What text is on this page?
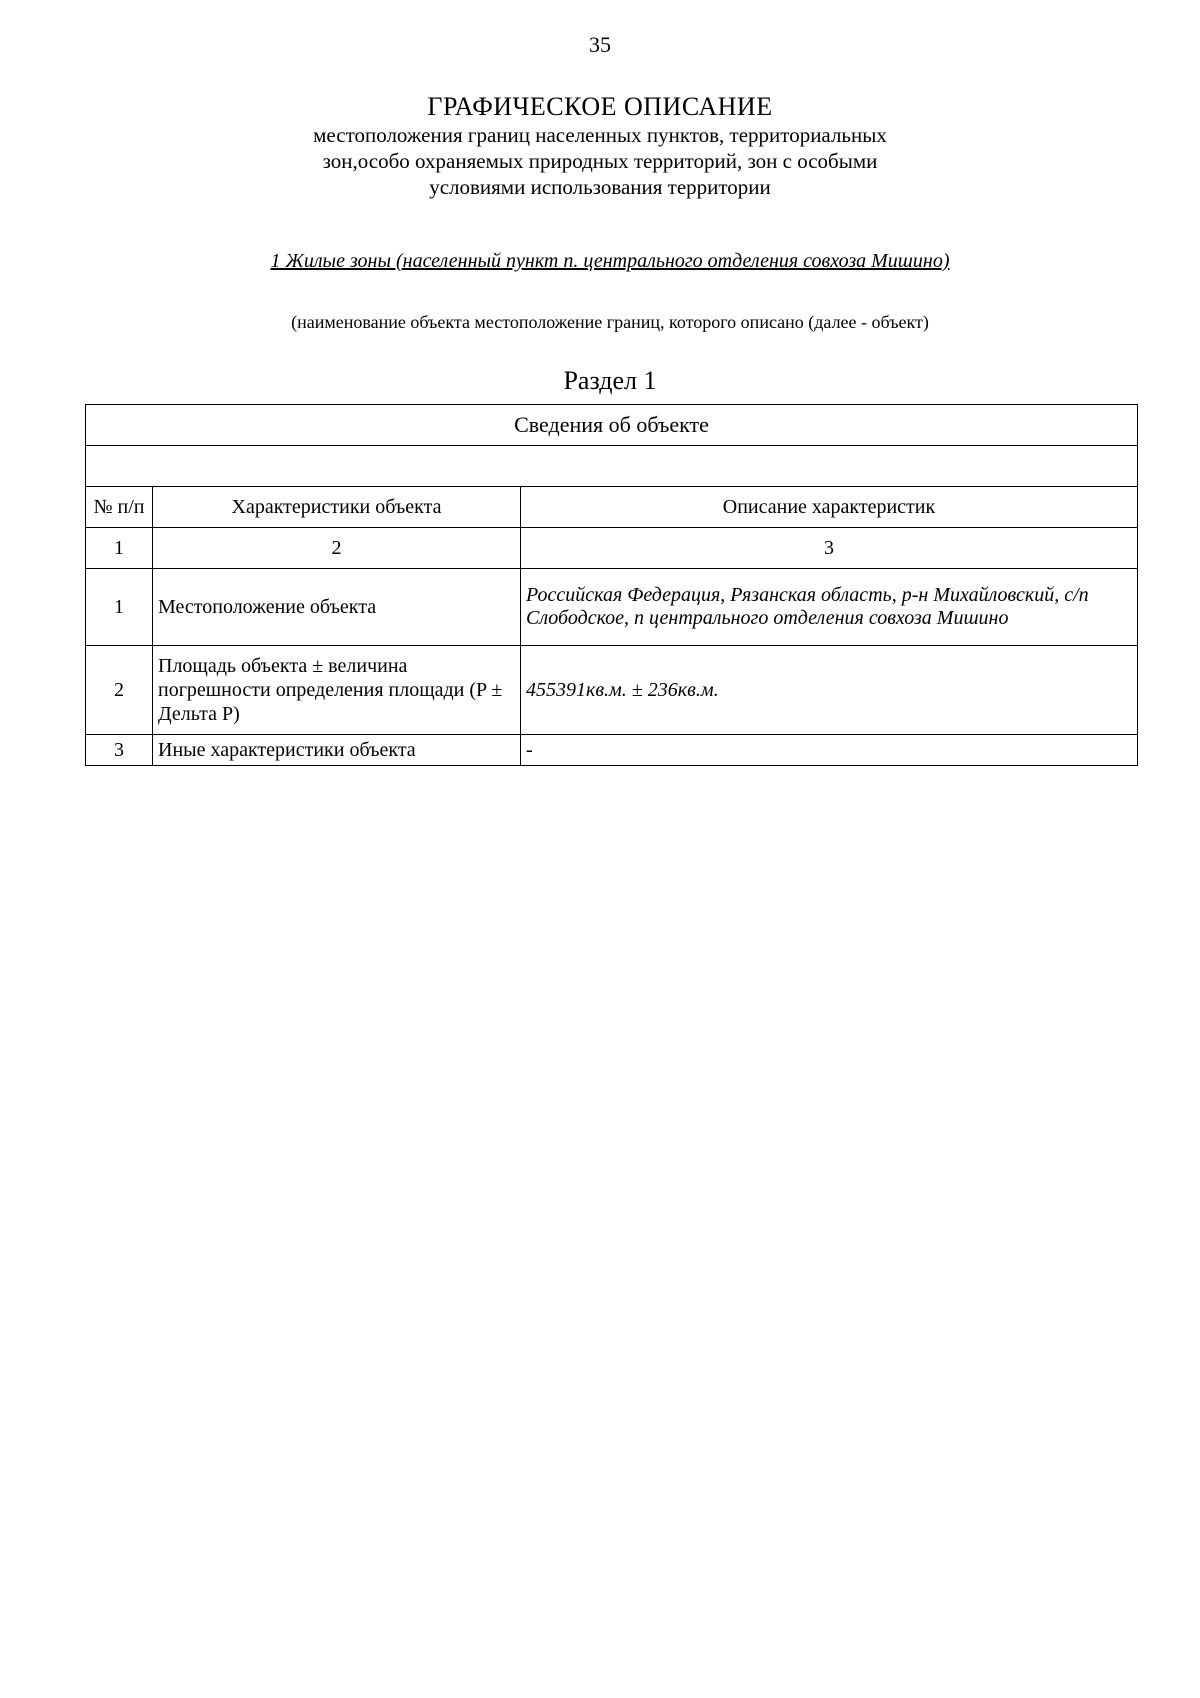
35
ГРАФИЧЕСКОЕ ОПИСАНИЕ
местоположения границ населенных пунктов, территориальных зон,особо охраняемых природных территорий, зон с особыми условиями использования территории
1 Жилые зоны (населенный пункт п. центрального отделения совхоза Мишино)
(наименование объекта местоположение границ, которого описано (далее - объект)
Раздел 1
Сведения об объекте		

№ п/п	Характеристики объекта	Описание характеристик
1	2	3
1	Местоположение объекта	Российская Федерация, Рязанская область, р-н Михайловский, с/п Слободское, п центрального отделения совхоза Мишино
2	Площадь объекта ± величина погрешности определения площади (P ± Дельта P)	455391кв.м. ± 236кв.м.
3	Иные характеристики объекта	-
